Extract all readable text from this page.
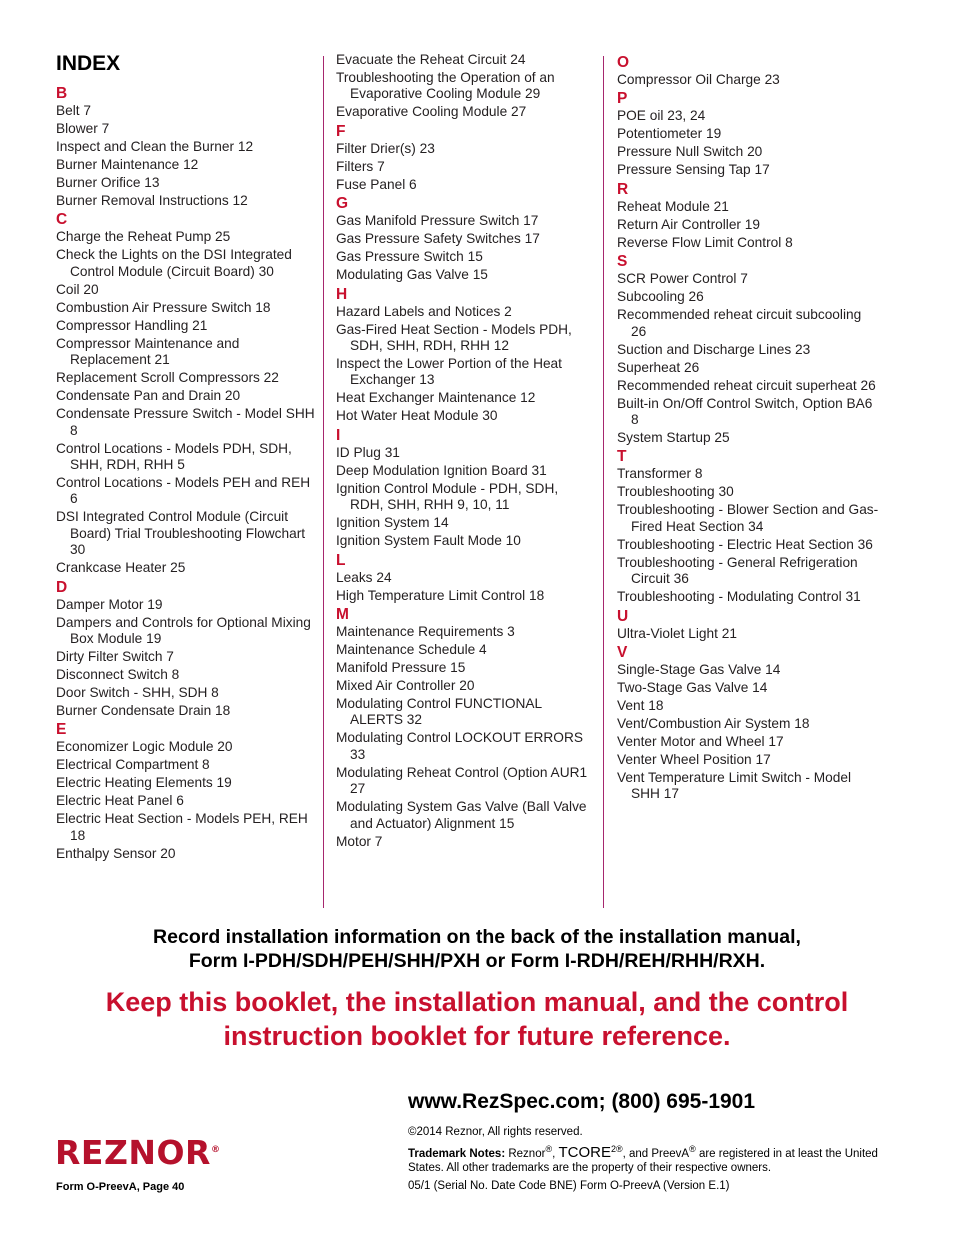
INDEX
B
Belt 7
Blower 7
Inspect and Clean the Burner 12
Burner Maintenance 12
Burner Orifice 13
Burner Removal Instructions 12
C
Charge the Reheat Pump 25
Check the Lights on the DSI Integrated Control Module (Circuit Board) 30
Coil 20
Combustion Air Pressure Switch 18
Compressor Handling 21
Compressor Maintenance and Replacement 21
Replacement Scroll Compressors 22
Condensate Pan and Drain 20
Condensate Pressure Switch - Model SHH 8
Control Locations - Models PDH, SDH, SHH, RDH, RHH 5
Control Locations - Models PEH and REH 6
DSI Integrated Control Module (Circuit Board) Trial Troubleshooting Flowchart 30
Crankcase Heater 25
D
Damper Motor 19
Dampers and Controls for Optional Mixing Box Module 19
Dirty Filter Switch 7
Disconnect Switch 8
Door Switch - SHH, SDH 8
Burner Condensate Drain 18
E
Economizer Logic Module 20
Electrical Compartment 8
Electric Heating Elements 19
Electric Heat Panel 6
Electric Heat Section - Models PEH, REH 18
Enthalpy Sensor 20
Evacuate the Reheat Circuit 24
Troubleshooting the Operation of an Evaporative Cooling Module 29
Evaporative Cooling Module 27
F
Filter Drier(s) 23
Filters 7
Fuse Panel 6
G
Gas Manifold Pressure Switch 17
Gas Pressure Safety Switches 17
Gas Pressure Switch 15
Modulating Gas Valve 15
H
Hazard Labels and Notices 2
Gas-Fired Heat Section - Models PDH, SDH, SHH, RDH, RHH 12
Inspect the Lower Portion of the Heat Exchanger 13
Heat Exchanger Maintenance 12
Hot Water Heat Module 30
I
ID Plug 31
Deep Modulation Ignition Board 31
Ignition Control Module - PDH, SDH, RDH, SHH, RHH 9, 10, 11
Ignition System 14
Ignition System Fault Mode 10
L
Leaks 24
High Temperature Limit Control 18
M
Maintenance Requirements 3
Maintenance Schedule 4
Manifold Pressure 15
Mixed Air Controller 20
Modulating Control FUNCTIONAL ALERTS 32
Modulating Control LOCKOUT ERRORS 33
Modulating Reheat Control (Option AUR1 27
Modulating System Gas Valve (Ball Valve and Actuator) Alignment 15
Motor 7
O
Compressor Oil Charge 23
P
POE oil 23, 24
Potentiometer 19
Pressure Null Switch 20
Pressure Sensing Tap 17
R
Reheat Module 21
Return Air Controller 19
Reverse Flow Limit Control 8
S
SCR Power Control 7
Subcooling 26
Recommended reheat circuit subcooling 26
Suction and Discharge Lines 23
Superheat 26
Recommended reheat circuit superheat 26
Built-in On/Off Control Switch, Option BA6 8
System Startup 25
T
Transformer 8
Troubleshooting 30
Troubleshooting - Blower Section and Gas-Fired Heat Section 34
Troubleshooting - Electric Heat Section 36
Troubleshooting - General Refrigeration Circuit 36
Troubleshooting - Modulating Control 31
U
Ultra-Violet Light 21
V
Single-Stage Gas Valve 14
Two-Stage Gas Valve 14
Vent 18
Vent/Combustion Air System 18
Venter Motor and Wheel 17
Venter Wheel Position 17
Vent Temperature Limit Switch - Model SHH 17
Record installation information on the back of the installation manual,
Form I-PDH/SDH/PEH/SHH/PXH or Form I-RDH/REH/RHH/RXH.
Keep this booklet, the installation manual, and the control
instruction booklet for future reference.
www.RezSpec.com; (800) 695-1901
©2014 Reznor, All rights reserved.
Trademark Notes: Reznor®, $TCORE^{2®}$, and PreevA® are registered in at least the United States. All other trademarks are the property of their respective owners.
05/1 (Serial No. Date Code BNE) Form O-PreevA (Version E.1)
REZNOR®
Form O-PreevA, Page 40
